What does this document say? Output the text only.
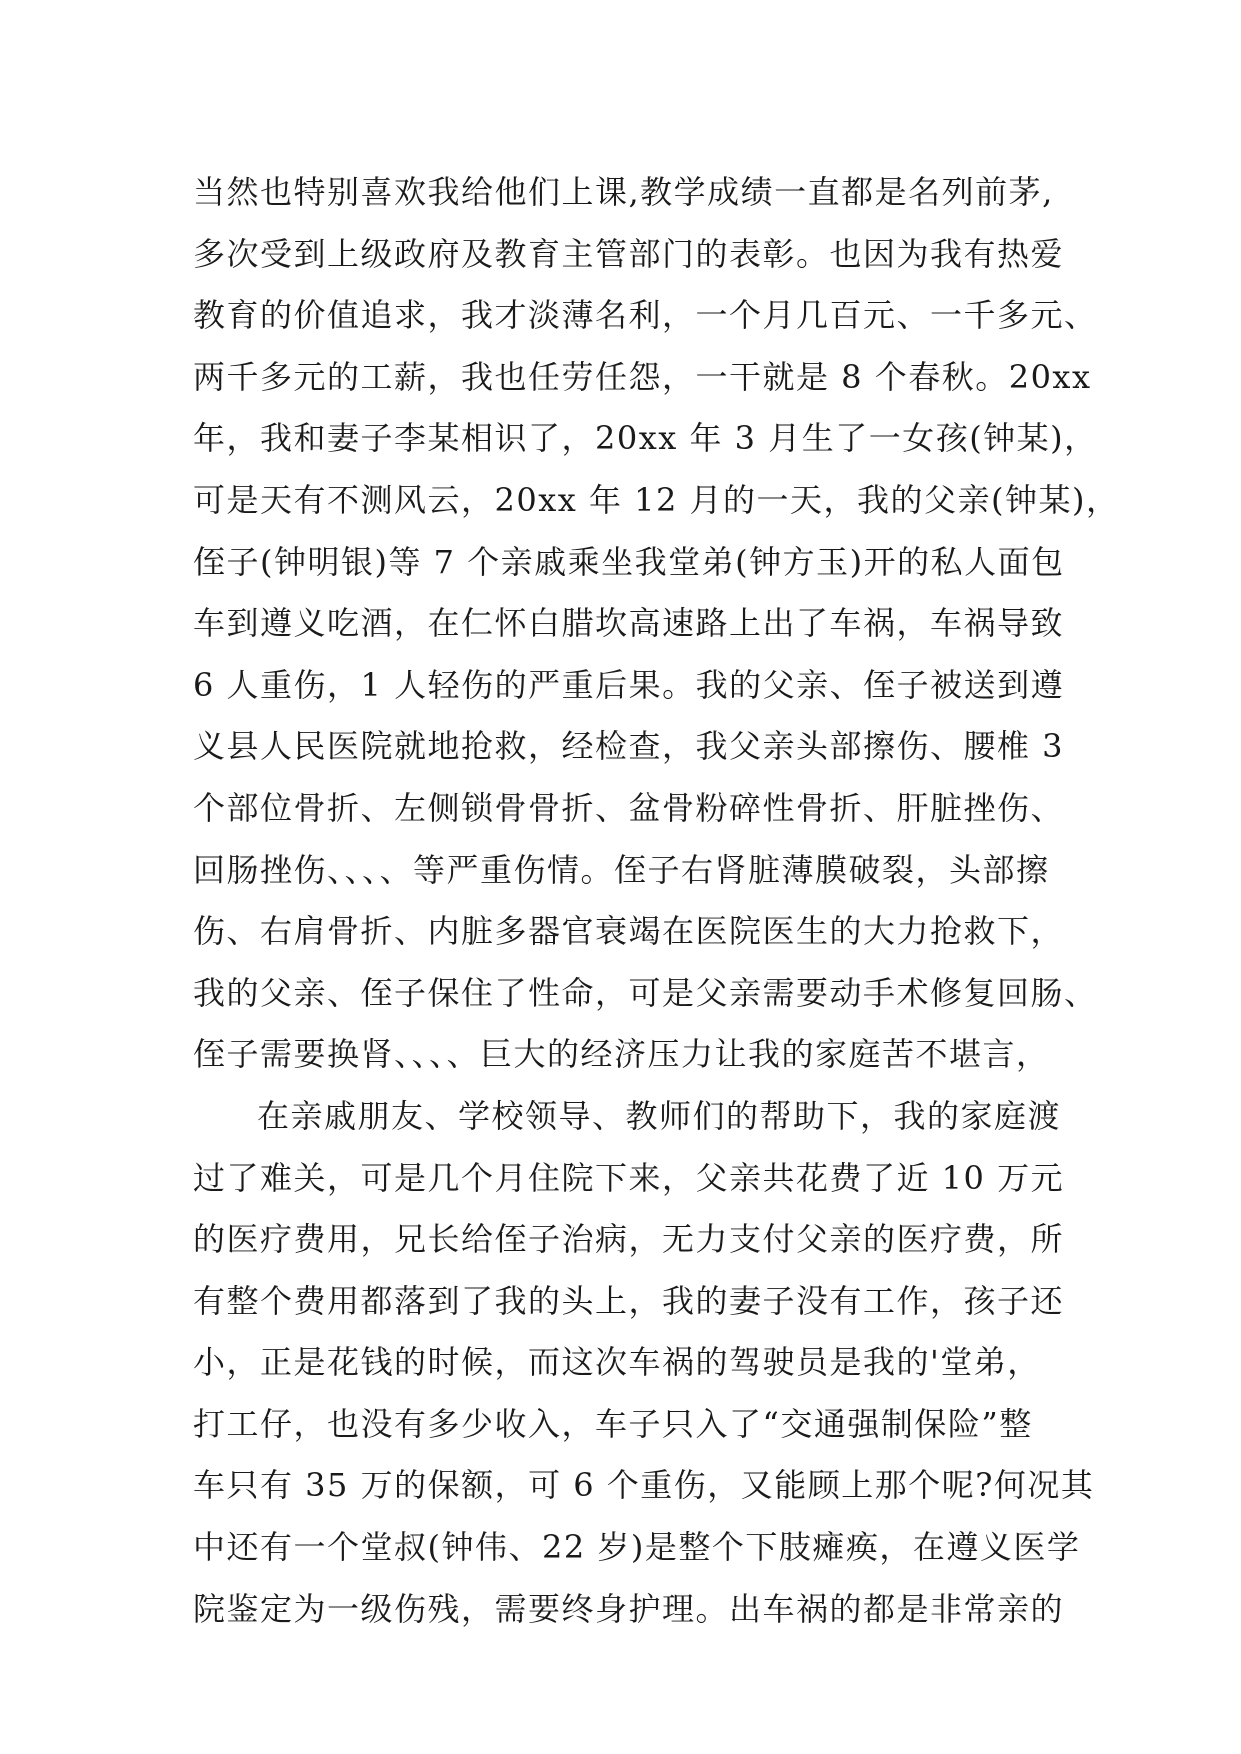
当然也特别喜欢我给他们上课,教学成绩一直都是名列前茅,
多次受到上级政府及教育主管部门的表彰。也因为我有热爱
教育的价值追求，我才淡薄名利，一个月几百元、一千多元、
两千多元的工薪，我也任劳任怨，一干就是 8 个春秋。20xx
年，我和妻子李某相识了，20xx 年 3 月生了一女孩(钟某)，
可是天有不测风云，20xx 年 12 月的一天，我的父亲(钟某)，
侄子(钟明银)等 7 个亲戚乘坐我堂弟(钟方玉)开的私人面包
车到遵义吃酒，在仁怀白腊坎高速路上出了车祸，车祸导致
6 人重伤，1 人轻伤的严重后果。我的父亲、侄子被送到遵
义县人民医院就地抢救，经检查，我父亲头部擦伤、腰椎 3
个部位骨折、左侧锁骨骨折、盆骨粉碎性骨折、肝脏挫伤、
回肠挫伤、、、、等严重伤情。侄子右肾脏薄膜破裂，头部擦
伤、右肩骨折、内脏多器官衰竭在医院医生的大力抢救下，
我的父亲、侄子保住了性命，可是父亲需要动手术修复回肠、
侄子需要换肾、、、、巨大的经济压力让我的家庭苦不堪言，
在亲戚朋友、学校领导、教师们的帮助下，我的家庭渡
过了难关，可是几个月住院下来，父亲共花费了近 10 万元
的医疗费用，兄长给侄子治病，无力支付父亲的医疗费，所
有整个费用都落到了我的头上，我的妻子没有工作，孩子还
小，正是花钱的时候，而这次车祸的驾驶员是我的'堂弟，
打工仔，也没有多少收入，车子只入了“交通强制保险”整
车只有 35 万的保额，可 6 个重伤，又能顾上那个呢?何况其
中还有一个堂叔(钟伟、22 岁)是整个下肢瘫痪，在遵义医学
院鉴定为一级伤残，需要终身护理。出车祸的都是非常亲的
